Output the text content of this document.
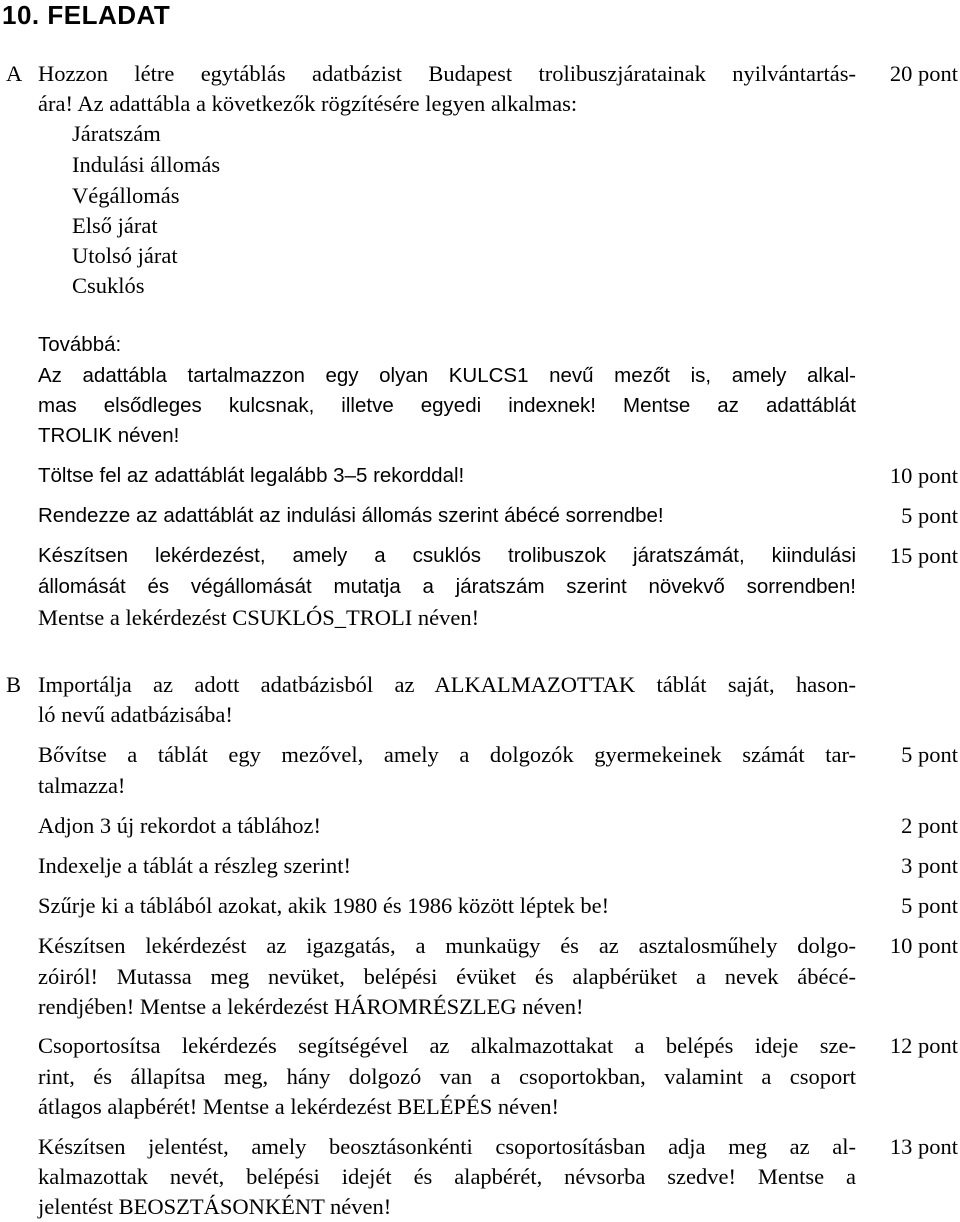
10. FELADAT
A Hozzon létre egytáblás adatbázist Budapest trolibuszjáratainak nyilvántartás-
ára! Az adattábla a következők rögzítésére legyen alkalmas:
Járatszám
Indulási állomás
Végállomás
Első járat
Utolsó járat
Csuklós
Továbbá:
Az adattábla tartalmazzon egy olyan KULCS1 nevű mezőt is, amely alkal-
mas elsődleges kulcsnak, illetve egyedi indexnek! Mentse az adattáblát
TROLIK néven!
Töltse fel az adattáblát legalább 3–5 rekorddal!
Rendezze az adattáblát az indulási állomás szerint ábécé sorrendbe!
Készítsen lekérdezést, amely a csuklós trolibuszok járatszámát, kiindulási
állomását és végállomását mutatja a járatszám szerint növekvő sorrendben!
Mentse a lekérdezést CSUKLÓS_TROLI néven!
20 pont
10 pont
5 pont
15 pont
B Importálja az adott adatbázisból az ALKALMAZOTTAK táblát saját, hason-
ló nevű adatbázisába!
Bővítse a táblát egy mezővel, amely a dolgozók gyermekeinek számát tar-
talmazza!
Adjon 3 új rekordot a táblához!
Indexelje a táblát a részleg szerint!
Szűrje ki a táblából azokat, akik 1980 és 1986 között léptek be!
Készítsen lekérdezést az igazgatás, a munkaügy és az asztalosműhely dolgo-
zóiról! Mutassa meg nevüket, belépési évüket és alapbérüket a nevek ábécé-
rendjében! Mentse a lekérdezést HÁROMRÉSZLEG néven!
Csoportosítsa lekérdezés segítségével az alkalmazottakat a belépés ideje sze-
rint, és állapítsa meg, hány dolgozó van a csoportokban, valamint a csoport
átlagos alapbérét! Mentse a lekérdezést BELÉPÉS néven!
Készítsen jelentést, amely beosztásonkénti csoportosításban adja meg az al-
kalmazottak nevét, belépési idejét és alapbérét, névsorba szedve! Mentse a
jelentést BEOSZTÁSONKÉNT néven!
5 pont
2 pont
3 pont
5 pont
10 pont
12 pont
13 pont
